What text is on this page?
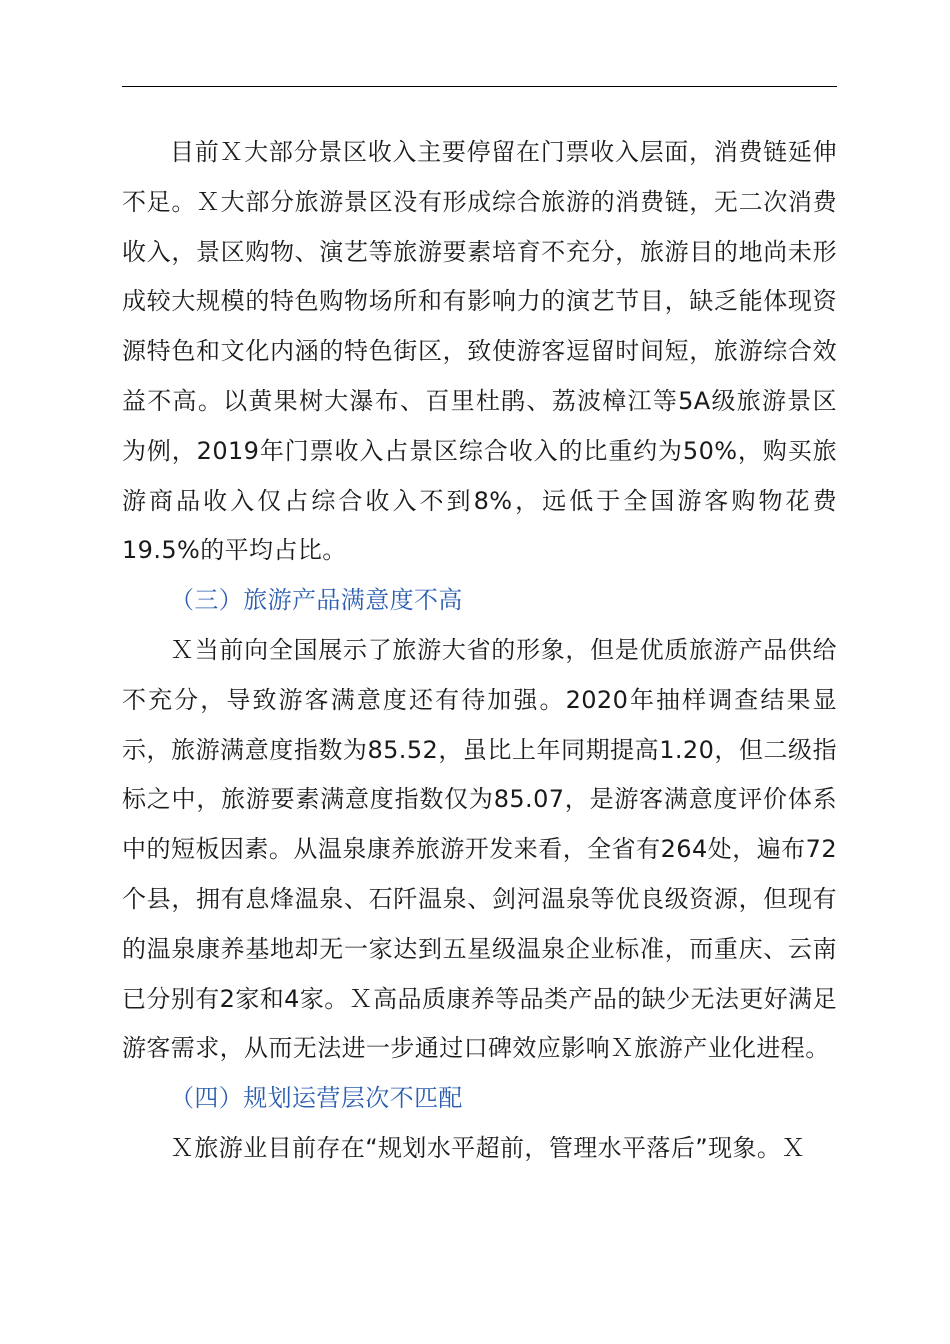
目前Ｘ大部分景区收入主要停留在门票收入层面，消费链延伸不足。Ｘ大部分旅游景区没有形成综合旅游的消费链，无二次消费收入，景区购物、演艺等旅游要素培育不充分，旅游目的地尚未形成较大规模的特色购物场所和有影响力的演艺节目，缺乏能体现资源特色和文化内涵的特色街区，致使游客逗留时间短，旅游综合效益不高。以黄果树大瀑布、百里杜鹃、荔波樟江等5A级旅游景区为例，2019年门票收入占景区综合收入的比重约为50%，购买旅游商品收入仅占综合收入不到8%，远低于全国游客购物花费19.5%的平均占比。

（三）旅游产品满意度不高

Ｘ当前向全国展示了旅游大省的形象，但是优质旅游产品供给不充分，导致游客满意度还有待加强。2020年抽样调查结果显示，旅游满意度指数为85.52，虽比上年同期提高1.20，但二级指标之中，旅游要素满意度指数仅为85.07，是游客满意度评价体系中的短板因素。从温泉康养旅游开发来看，全省有264处，遍布72个县，拥有息烽温泉、石阡温泉、剑河温泉等优良级资源，但现有的温泉康养基地却无一家达到五星级温泉企业标准，而重庆、云南已分别有2家和4家。Ｘ高品质康养等品类产品的缺少无法更好满足游客需求，从而无法进一步通过口碑效应影响Ｘ旅游产业化进程。

（四）规划运营层次不匹配

Ｘ旅游业目前存在“规划水平超前，管理水平落后”现象。Ｘ
